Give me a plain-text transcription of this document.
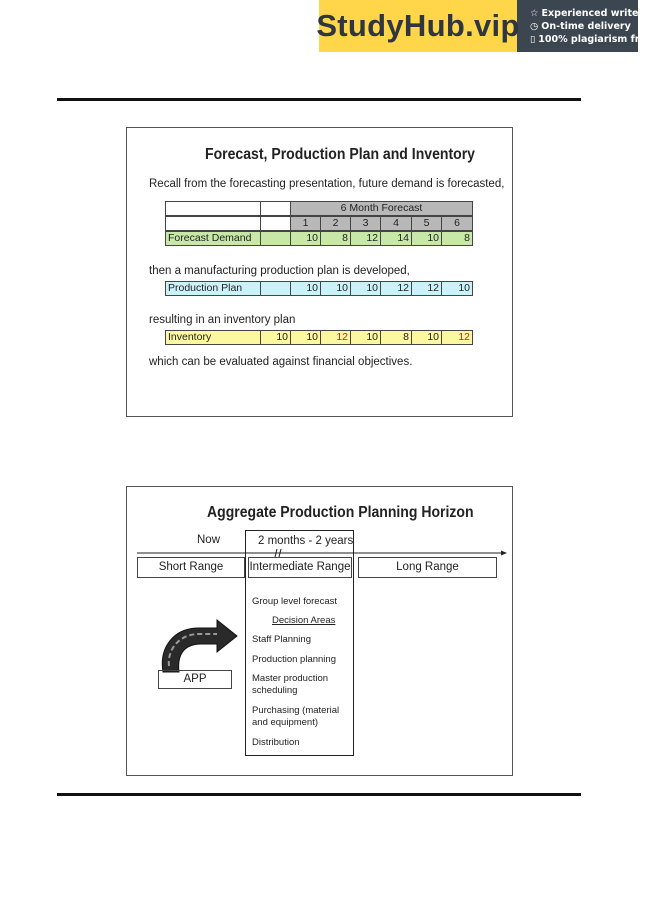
StudyHub.vip ☆ Experienced writers
◷ On-time delivery
▯ 100% plagiarism free
Forecast, Production Plan and Inventory
Recall from the forecasting presentation, future demand is forecasted,
6 Month Forecast
1	2	3	4	5	6
Forecast Demand	10	8	12	14	10	8
then a manufacturing production plan is developed,
Production Plan	10	10	10	12	12	10
resulting in an inventory plan
Inventory	10	10	12	10	8	10	12
which can be evaluated against financial objectives.
Aggregate Production Planning Horizon
Now	2 months - 2 years
Short Range	Intermediate Range	Long Range
Group level forecast
Decision Areas
Staff Planning
Production planning
Master production scheduling
Purchasing (material and equipment)
Distribution
APP
